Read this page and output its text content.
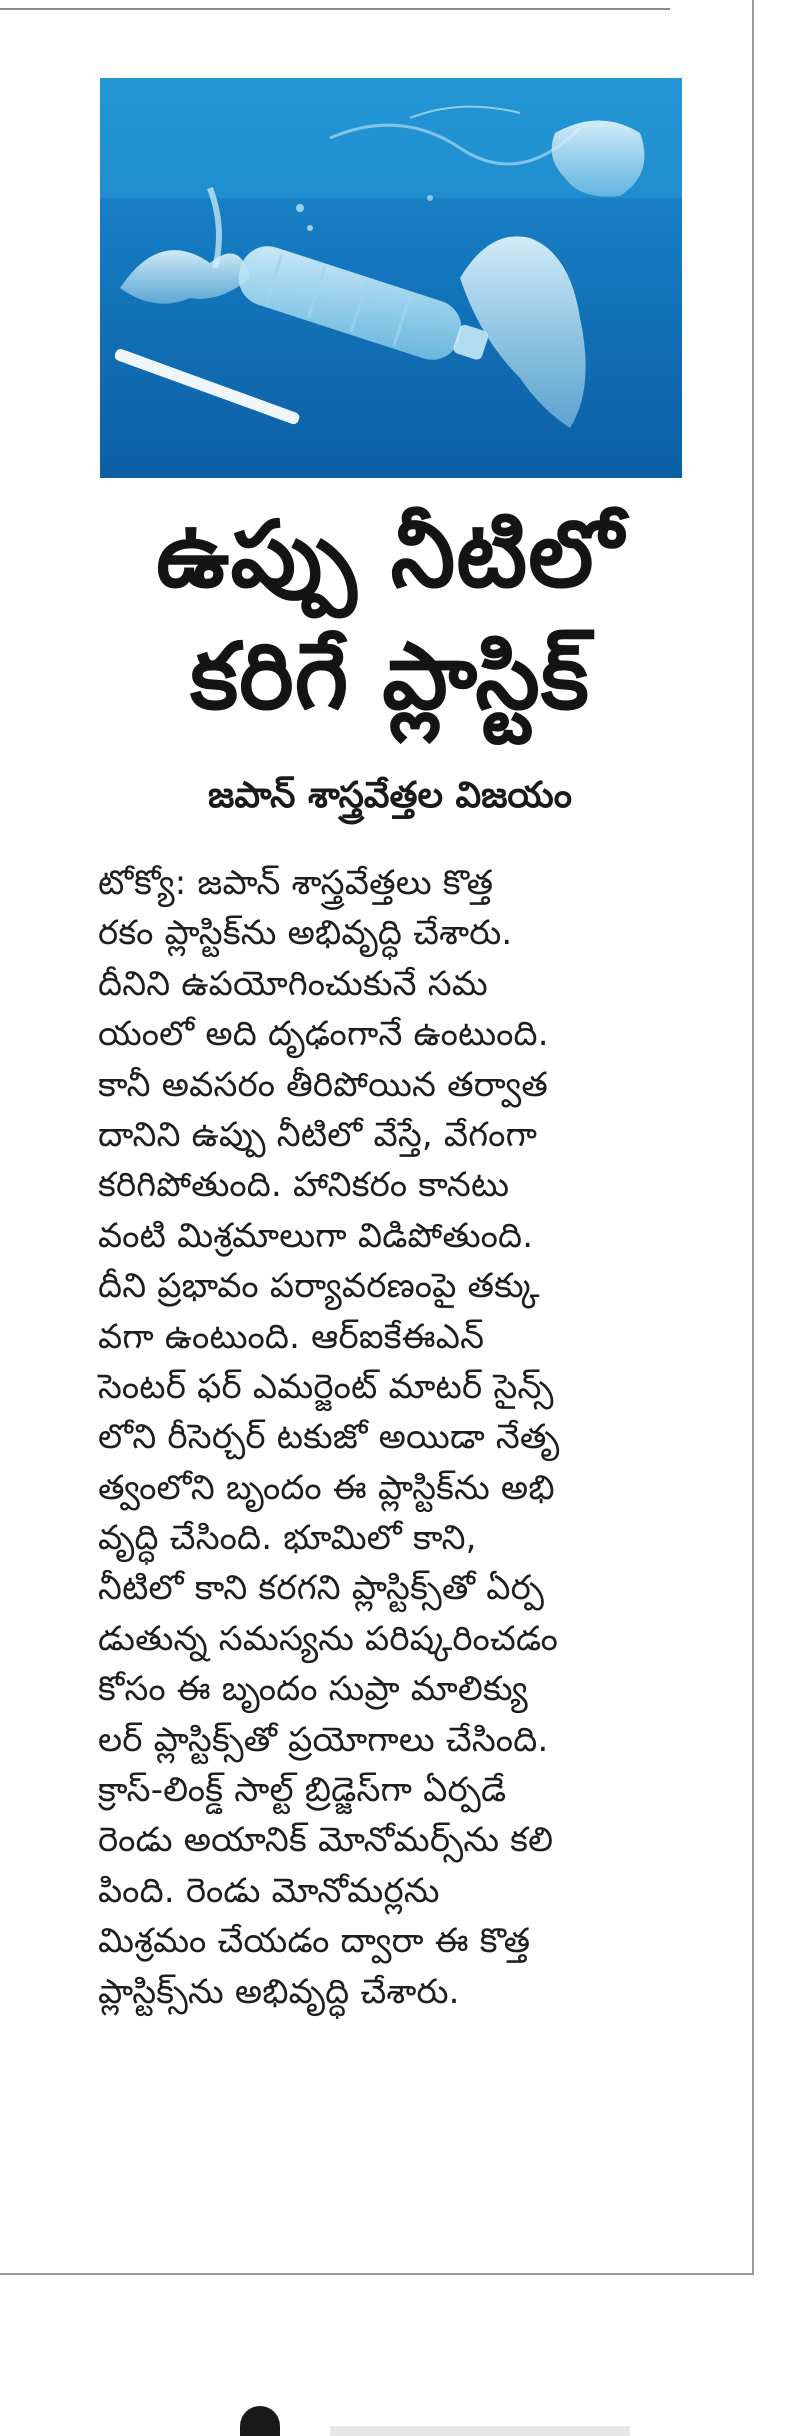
ఉప్పు నీటిలో
కరిగే ప్లాస్టిక్
జపాన్ శాస్త్రవేత్తల విజయం
టోక్యో: జపాన్ శాస్త్రవేత్తలు కొత్త
రకం ప్లాస్టిక్‌ను అభివృద్ధి చేశారు.
దీనిని ఉపయోగించుకునే సమ
యంలో అది దృఢంగానే ఉంటుంది.
కానీ అవసరం తీరిపోయిన తర్వాత
దానిని ఉప్పు నీటిలో వేస్తే, వేగంగా
కరిగిపోతుంది. హానికరం కానటు
వంటి మిశ్రమాలుగా విడిపోతుంది.
దీని ప్రభావం పర్యావరణంపై తక్కు
వగా ఉంటుంది. ఆర్ఐకేఈఎన్
సెంటర్ ఫర్ ఎమర్జెంట్ మాటర్ సైన్స్
లోని రీసెర్చర్ టకుజో అయిడా నేతృ
త్వంలోని బృందం ఈ ప్లాస్టిక్‌ను అభి
వృద్ధి చేసింది. భూమిలో కాని,
నీటిలో కాని కరగని ప్లాస్టిక్స్‌తో ఏర్ప
డుతున్న సమస్యను పరిష్కరించడం
కోసం ఈ బృందం సుప్రా మాలిక్యు
లర్ ప్లాస్టిక్స్‌తో ప్రయోగాలు చేసింది.
క్రాస్-లింక్డ్ సాల్ట్ బ్రిడ్జెస్‌గా ఏర్పడే
రెండు అయానిక్ మోనోమర్స్‌ను కలి
పింది. రెండు మోనోమర్లను
మిశ్రమం చేయడం ద్వారా ఈ కొత్త
ప్లాస్టిక్స్‌ను అభివృద్ధి చేశారు.
